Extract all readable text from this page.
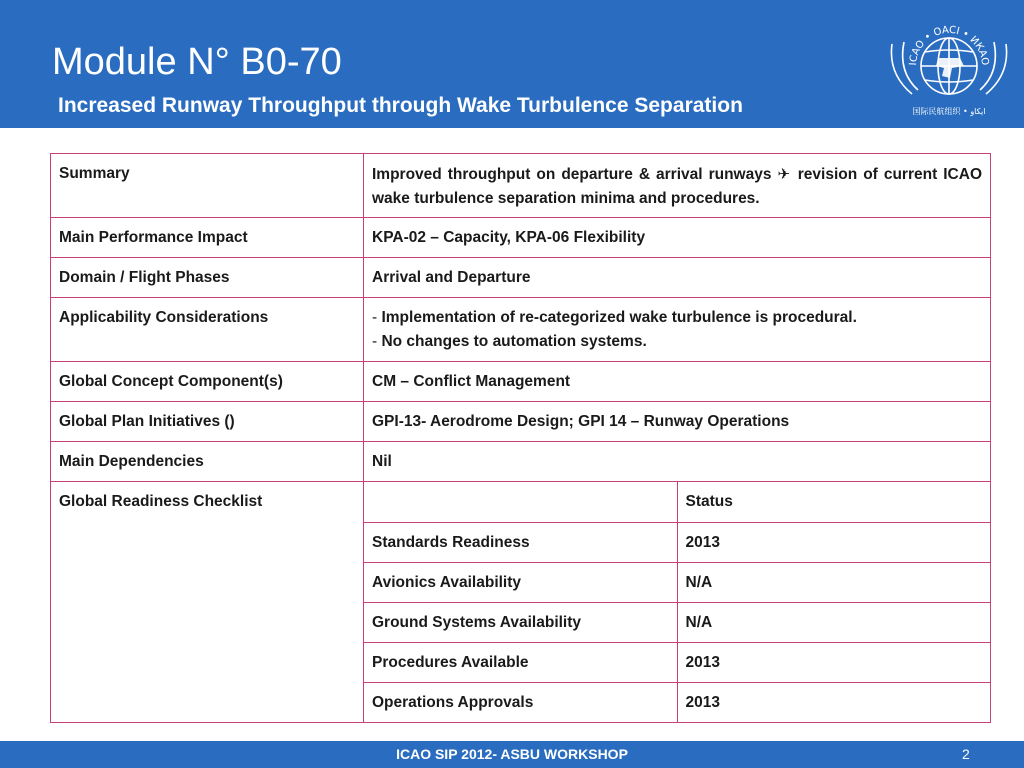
Module N° B0-70
Increased Runway Throughput through Wake Turbulence Separation
ICAO • OACI • ИКАО
国际民航组织 • ايكاو
Summary	Improved throughput on departure & arrival runways ✈ revision of current ICAO wake turbulence separation minima and procedures.	
Main Performance Impact	KPA-02 – Capacity, KPA-06 Flexibility	
Domain / Flight Phases	Arrival and Departure	
Applicability Considerations	- Implementation of re-categorized wake turbulence is procedural.
- No changes to automation systems.	

Global Concept Component(s)	CM – Conflict Management	
Global Plan Initiatives ()	GPI-13- Aerodrome Design; GPI 14 – Runway Operations	
Main Dependencies	Nil	
Global Readiness Checklist		Status
	Standards Readiness	2013
	Avionics Availability	N/A
	Ground Systems Availability	N/A
	Procedures Available	2013
	Operations Approvals	2013
ICAO SIP 2012- ASBU WORKSHOP	2
